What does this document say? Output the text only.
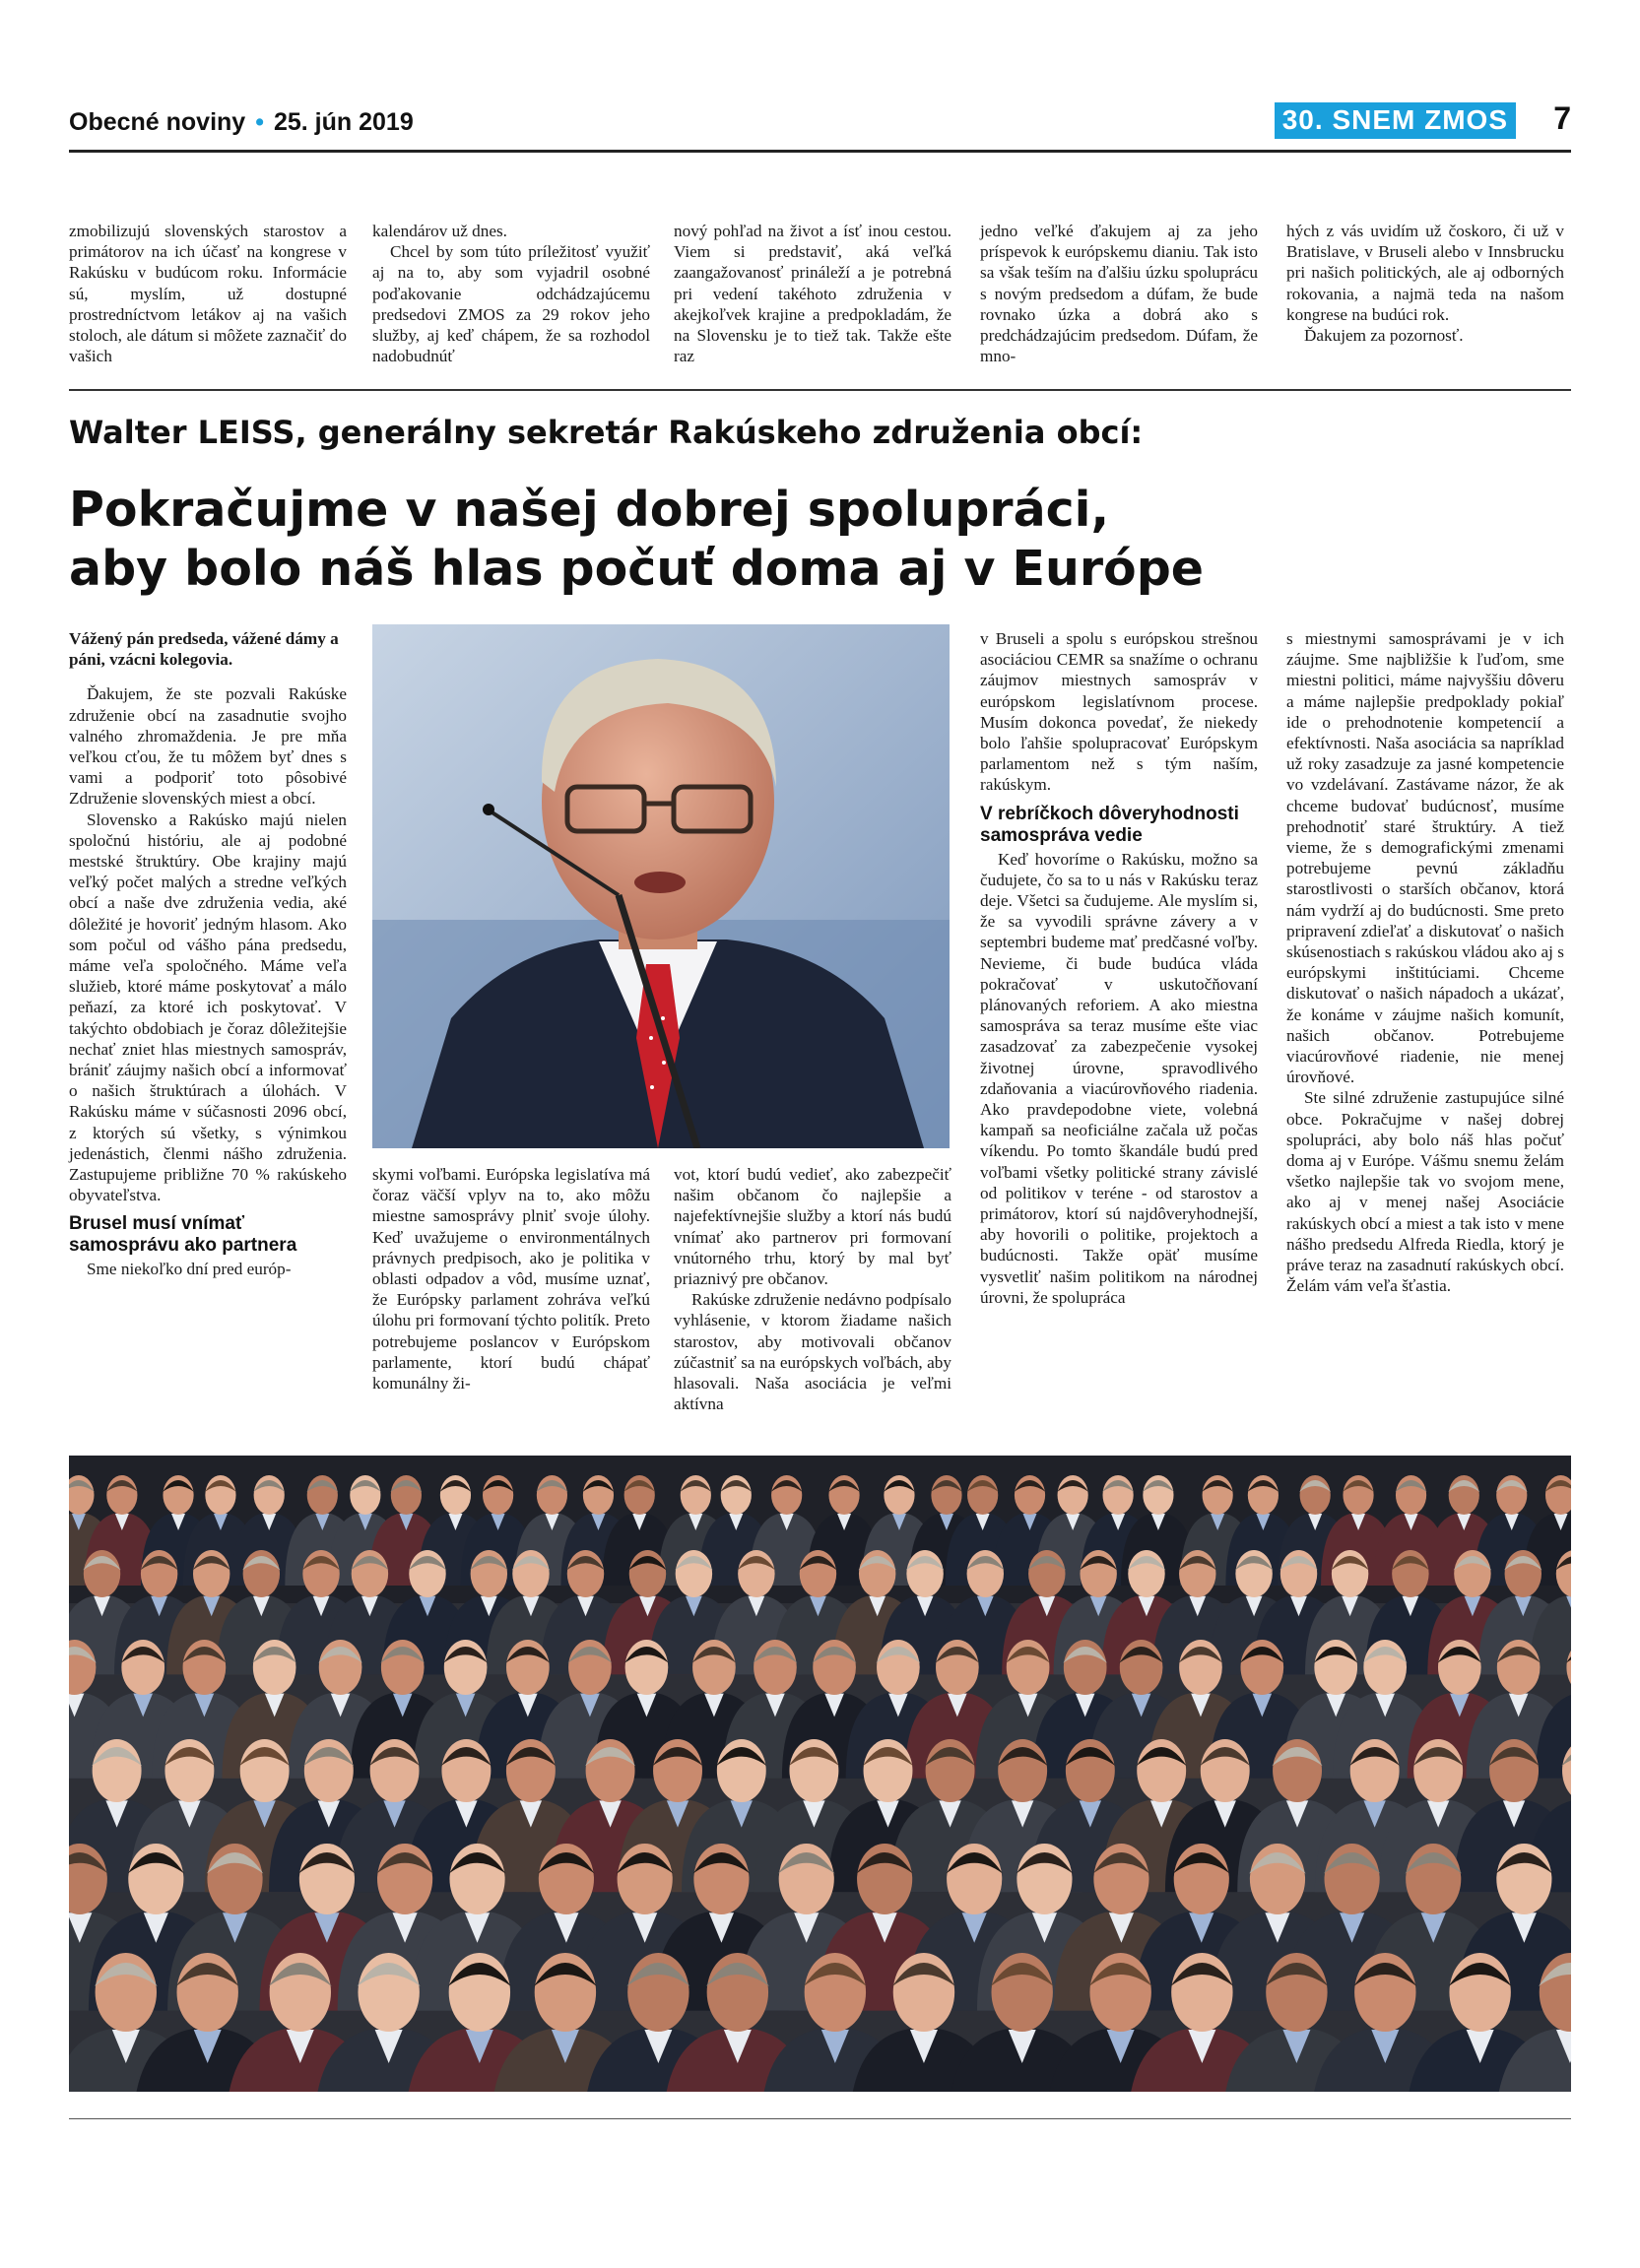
Obecné noviny • 25. jún 2019	30. SNEM ZMOS 7

zmobilizujú slovenských starostov a primátorov na ich účasť na kongrese v Rakúsku v budúcom roku. Informácie sú, myslím, už dostupné prostredníctvom letákov aj na vašich stoloch, ale dátum si môžete zaznačiť do vašich

kalendárov už dnes.

Chcel by som túto príležitosť využiť aj na to, aby som vyjadril osobné poďakovanie odchádzajúcemu predsedovi ZMOS za 29 rokov jeho služby, aj keď chápem, že sa rozhodol nadobudnúť

nový pohľad na život a ísť inou cestou. Viem si predstaviť, aká veľká zaangažovanosť prináleží a je potrebná pri vedení takéhoto združenia v akejkoľvek krajine a predpokladám, že na Slovensku je to tiež tak. Takže ešte raz

jedno veľké ďakujem aj za jeho príspevok k európskemu dianiu. Tak isto sa však teším na ďalšiu úzku spoluprácu s novým predsedom a dúfam, že bude rovnako úzka a dobrá ako s predchádzajúcim predsedom. Dúfam, že mno-

hých z vás uvidím už čoskoro, či už v Bratislave, v Bruseli alebo v Innsbrucku pri našich politických, ale aj odborných rokovania, a najmä teda na našom kongrese na budúci rok.

Ďakujem za pozornosť.

Walter LEISS, generálny sekretár Rakúskeho združenia obcí:
Pokračujme v našej dobrej spolupráci,
aby bolo náš hlas počuť doma aj v Európe

Vážený pán predseda, vážené dámy a páni, vzácni kolegovia.

Ďakujem, že ste pozvali Rakúske združenie obcí na zasadnutie svojho valného zhromaždenia. Je pre mňa veľkou cťou, že tu môžem byť dnes s vami a podporiť toto pôsobivé Združenie slovenských miest a obcí.

Slovensko a Rakúsko majú nielen spoločnú históriu, ale aj podobné mestské štruktúry. Obe krajiny majú veľký počet malých a stredne veľkých obcí a naše dve združenia vedia, aké dôležité je hovoriť jedným hlasom. Ako som počul od vášho pána predsedu, máme veľa spoločného. Máme veľa služieb, ktoré máme poskytovať a málo peňazí, za ktoré ich poskytovať. V takýchto obdobiach je čoraz dôležitejšie nechať zniet hlas miestnych samospráv, brániť záujmy našich obcí a informovať o našich štruktúrach a úlohách. V Rakúsku máme v súčasnosti 2096 obcí, z ktorých sú všetky, s výnimkou jedenástich, členmi nášho združenia. Zastupujeme približne 70 % rakúskeho obyvateľstva.

Brusel musí vnímať samosprávu ako partnera

Sme niekoľko dní pred európ-

skymi voľbami. Európska legislatíva má čoraz väčší vplyv na to, ako môžu miestne samosprávy plniť svoje úlohy. Keď uvažujeme o environmentálnych právnych predpisoch, ako je politika v oblasti odpadov a vôd, musíme uznať, že Európsky parlament zohráva veľkú úlohu pri formovaní týchto politík. Preto potrebujeme poslancov v Európskom parlamente, ktorí budú chápať komunálny ži-

vot, ktorí budú vedieť, ako zabezpečiť našim občanom čo najlepšie a najefektívnejšie služby a ktorí nás budú vnímať ako partnerov pri formovaní vnútorného trhu, ktorý by mal byť priaznivý pre občanov.

Rakúske združenie nedávno podpísalo vyhlásenie, v ktorom žiadame našich starostov, aby motivovali občanov zúčastniť sa na európskych voľbách, aby hlasovali. Naša asociácia je veľmi aktívna

v Bruseli a spolu s európskou strešnou asociáciou CEMR sa snažíme o ochranu záujmov miestnych samospráv v európskom legislatívnom procese. Musím dokonca povedať, že niekedy bolo ľahšie spolupracovať Európskym parlamentom než s tým naším, rakúskym.

V rebríčkoch dôveryhodnosti samospráva vedie

Keď hovoríme o Rakúsku, možno sa čudujete, čo sa to u nás v Rakúsku teraz deje. Všetci sa čudujeme. Ale myslím si, že sa vyvodili správne závery a v septembri budeme mať predčasné voľby. Nevieme, či bude budúca vláda pokračovať v uskutočňovaní plánovaných reforiem. A ako miestna samospráva sa teraz musíme ešte viac zasadzovať za zabezpečenie vysokej životnej úrovne, spravodlivého zdaňovania a viacúrovňového riadenia. Ako pravdepodobne viete, volebná kampaň sa neoficiálne začala už počas víkendu. Po tomto škandále budú pred voľbami všetky politické strany závislé od politikov v teréne - od starostov a primátorov, ktorí sú najdôveryhodnejší, aby hovorili o politike, projektoch a budúcnosti. Takže opäť musíme vysvetliť našim politikom na národnej úrovni, že spolupráca

s miestnymi samosprávami je v ich záujme. Sme najbližšie k ľuďom, sme miestni politici, máme najvyššiu dôveru a máme najlepšie predpoklady pokiaľ ide o prehodnotenie kompetencií a efektívnosti. Naša asociácia sa napríklad už roky zasadzuje za jasné kompetencie vo vzdelávaní. Zastávame názor, že ak chceme budovať budúcnosť, musíme prehodnotiť staré štruktúry. A tiež vieme, že s demografickými zmenami potrebujeme pevnú základňu starostlivosti o starších občanov, ktorá nám vydrží aj do budúcnosti. Sme preto pripravení zdieľať a diskutovať o našich skúsenostiach s rakúskou vládou ako aj s európskymi inštitúciami. Chceme diskutovať o našich nápadoch a ukázať, že konáme v záujme našich komunít, našich občanov. Potrebujeme viacúrovňové riadenie, nie menej úrovňové.

Ste silné združenie zastupujúce silné obce. Pokračujme v našej dobrej spolupráci, aby bolo náš hlas počuť doma aj v Európe. Vášmu snemu želám všetko najlepšie tak vo svojom mene, ako aj v menej našej Asociácie rakúskych obcí a miest a tak isto v mene nášho predsedu Alfreda Riedla, ktorý je práve teraz na zasadnutí rakúskych obcí. Želám vám veľa šťastia.
